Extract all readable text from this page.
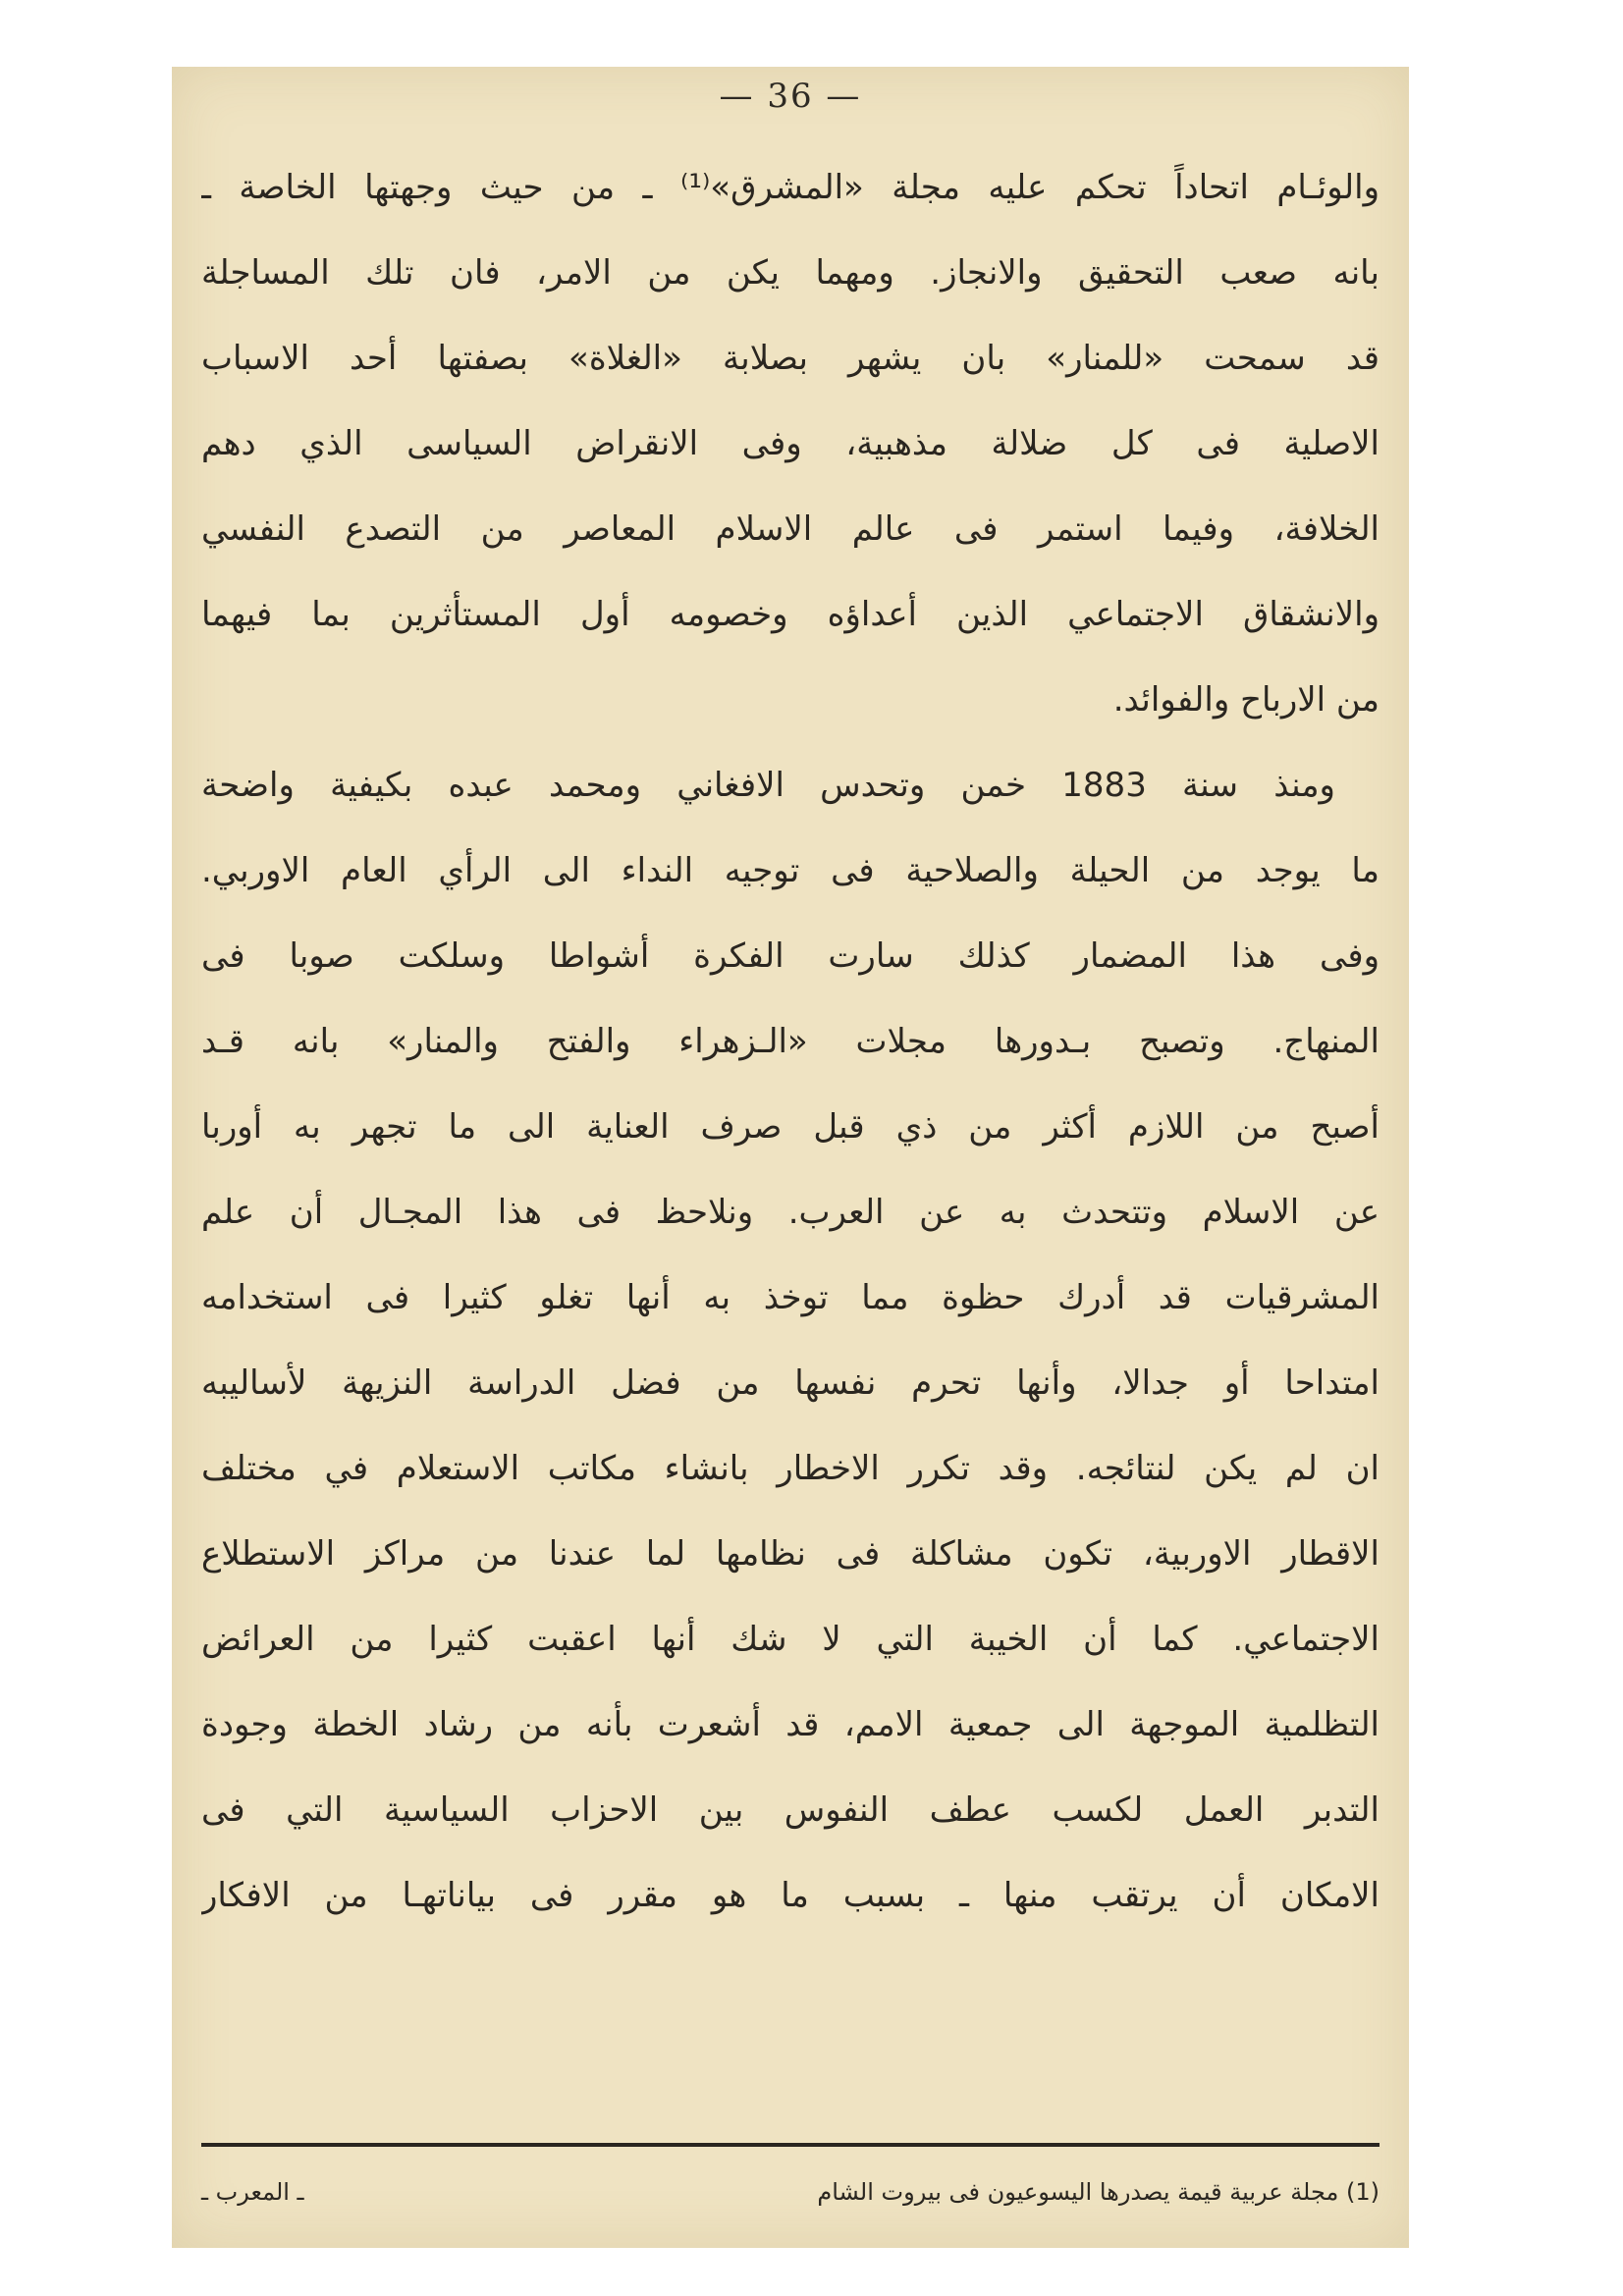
— 36 —
والوئـام اتحاداً تحكم عليه مجلة «المشرق»⁽¹⁾ ـ من حيث وجهتها الخاصة ـ
بانه صعب التحقيق والانجاز. ومهما يكن من الامر، فان تلك المساجلة
قد سمحت «للمنار» بان يشهر بصلابة «الغلاة» بصفتها أحد الاسباب
الاصلية فى كل ضلالة مذهبية، وفى الانقراض السياسى الذي دهم
الخلافة، وفيما استمر فى عالم الاسلام المعاصر من التصدع النفسي
والانشقاق الاجتماعي الذين أعداؤه وخصومه أول المستأثرين بما فيهما
من الارباح والفوائد.
ومنذ سنة 1883 خمن وتحدس الافغاني ومحمد عبده بكيفية واضحة
ما يوجد من الحيلة والصلاحية فى توجيه النداء الى الرأي العام الاوربي.
وفى هذا المضمار كذلك سارت الفكرة أشواطا وسلكت صوبا فى
المنهاج. وتصبح بـدورها مجلات «الـزهراء والفتح والمنار» بانه قـد
أصبح من اللازم أكثر من ذي قبل صرف العناية الى ما تجهر به أوربا
عن الاسلام وتتحدث به عن العرب. ونلاحظ فى هذا المجـال أن علم
المشرقيات قد أدرك حظوة مما توخذ به أنها تغلو كثيرا فى استخدامه
امتداحا أو جدالا، وأنها تحرم نفسها من فضل الدراسة النزيهة لأساليبه
ان لم يكن لنتائجه. وقد تكرر الاخطار بانشاء مكاتب الاستعلام في مختلف
الاقطار الاوربية، تكون مشاكلة فى نظامها لما عندنا من مراكز الاستطلاع
الاجتماعي. كما أن الخيبة التي لا شك أنها اعقبت كثيرا من العرائض
التظلمية الموجهة الى جمعية الامم، قد أشعرت بأنه من رشاد الخطة وجودة
التدبر العمل لكسب عطف النفوس بين الاحزاب السياسية التي فى
الامكان أن يرتقب منها ـ بسبب ما هو مقرر فى بياناتهـا من الافكار
(1) مجلة عربية قيمة يصدرها اليسوعيون فى بيروت الشام
ـ المعرب ـ
